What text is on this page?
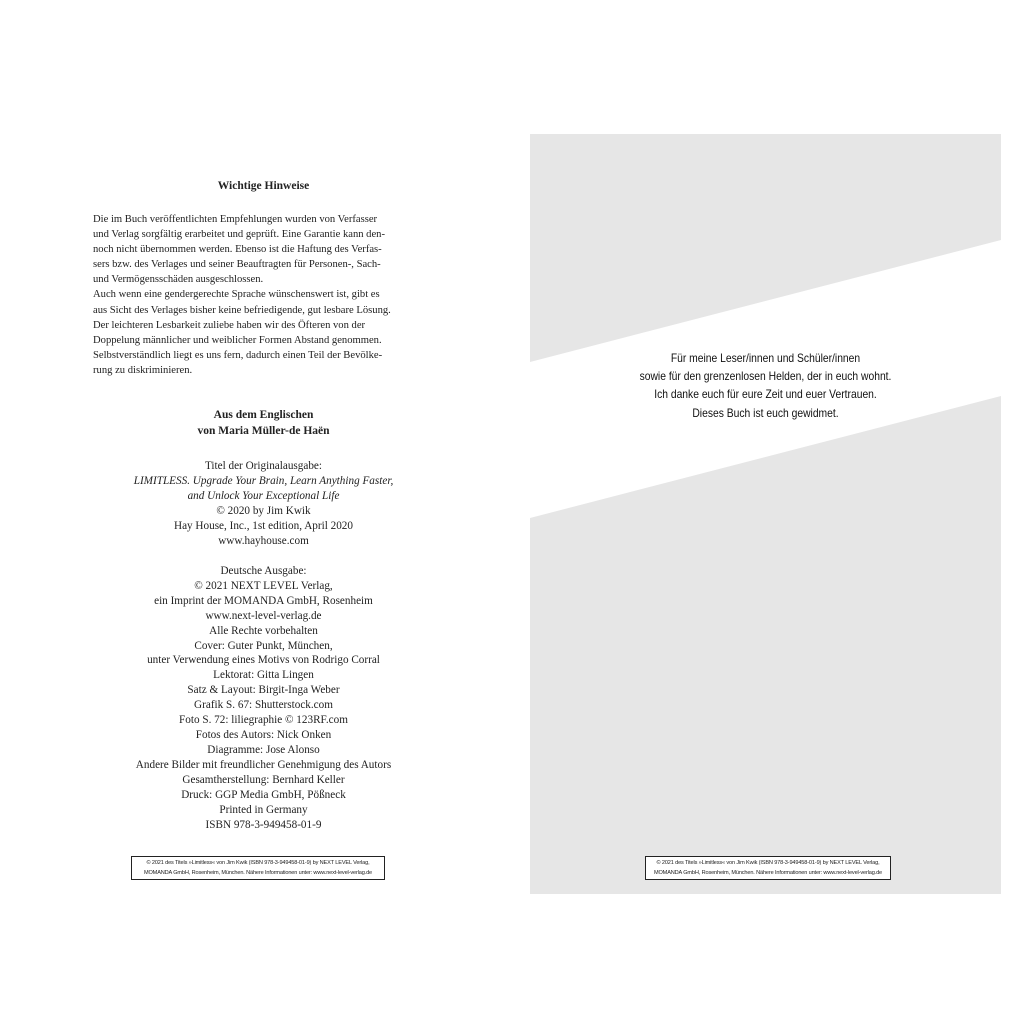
Wichtige Hinweise

Die im Buch veröffentlichten Empfehlungen wurden von Verfasser

und Verlag sorgfältig erarbeitet und geprüft. Eine Garantie kann den-

noch nicht übernommen werden. Ebenso ist die Haftung des Verfas-

sers bzw. des Verlages und seiner Beauftragten für Personen-, Sach-

und Vermögensschäden ausgeschlossen.

Auch wenn eine gendergerechte Sprache wünschenswert ist, gibt es

aus Sicht des Verlages bisher keine befriedigende, gut lesbare Lösung.

Der leichteren Lesbarkeit zuliebe haben wir des Öfteren von der

Doppelung männlicher und weiblicher Formen Abstand genommen.

Selbstverständlich liegt es uns fern, dadurch einen Teil der Bevölke-

rung zu diskriminieren.

Aus dem Englischen
von Maria Müller-de Haën
Titel der Originalausgabe:
LIMITLESS. Upgrade Your Brain, Learn Anything Faster,
and Unlock Your Exceptional Life
© 2020 by Jim Kwik
Hay House, Inc., 1st edition, April 2020
www.hayhouse.com
Deutsche Ausgabe:
© 2021 NEXT LEVEL Verlag,
ein Imprint der MOMANDA GmbH, Rosenheim
www.next-level-verlag.de
Alle Rechte vorbehalten
Cover: Guter Punkt, München,
unter Verwendung eines Motivs von Rodrigo Corral
Lektorat: Gitta Lingen
Satz & Layout: Birgit-Inga Weber
Grafik S. 67: Shutterstock.com
Foto S. 72: liliegraphie © 123RF.com
Fotos des Autors: Nick Onken
Diagramme: Jose Alonso
Andere Bilder mit freundlicher Genehmigung des Autors
Gesamtherstellung: Bernhard Keller
Druck: GGP Media GmbH, Pößneck
Printed in Germany
ISBN 978-3-949458-01-9
© 2021 des Titels »Limitless« von Jim Kwik (ISBN 978-3-949458-01-9) by NEXT LEVEL Verlag,
MOMANDA GmbH, Rosenheim, München. Nähere Informationen unter: www.next-level-verlag.de
Für meine Leser/innen und Schüler/innen
sowie für den grenzenlosen Helden, der in euch wohnt.
Ich danke euch für eure Zeit und euer Vertrauen.
Dieses Buch ist euch gewidmet.
© 2021 des Titels »Limitless« von Jim Kwik (ISBN 978-3-949458-01-9) by NEXT LEVEL Verlag,
MOMANDA GmbH, Rosenheim, München. Nähere Informationen unter: www.next-level-verlag.de
